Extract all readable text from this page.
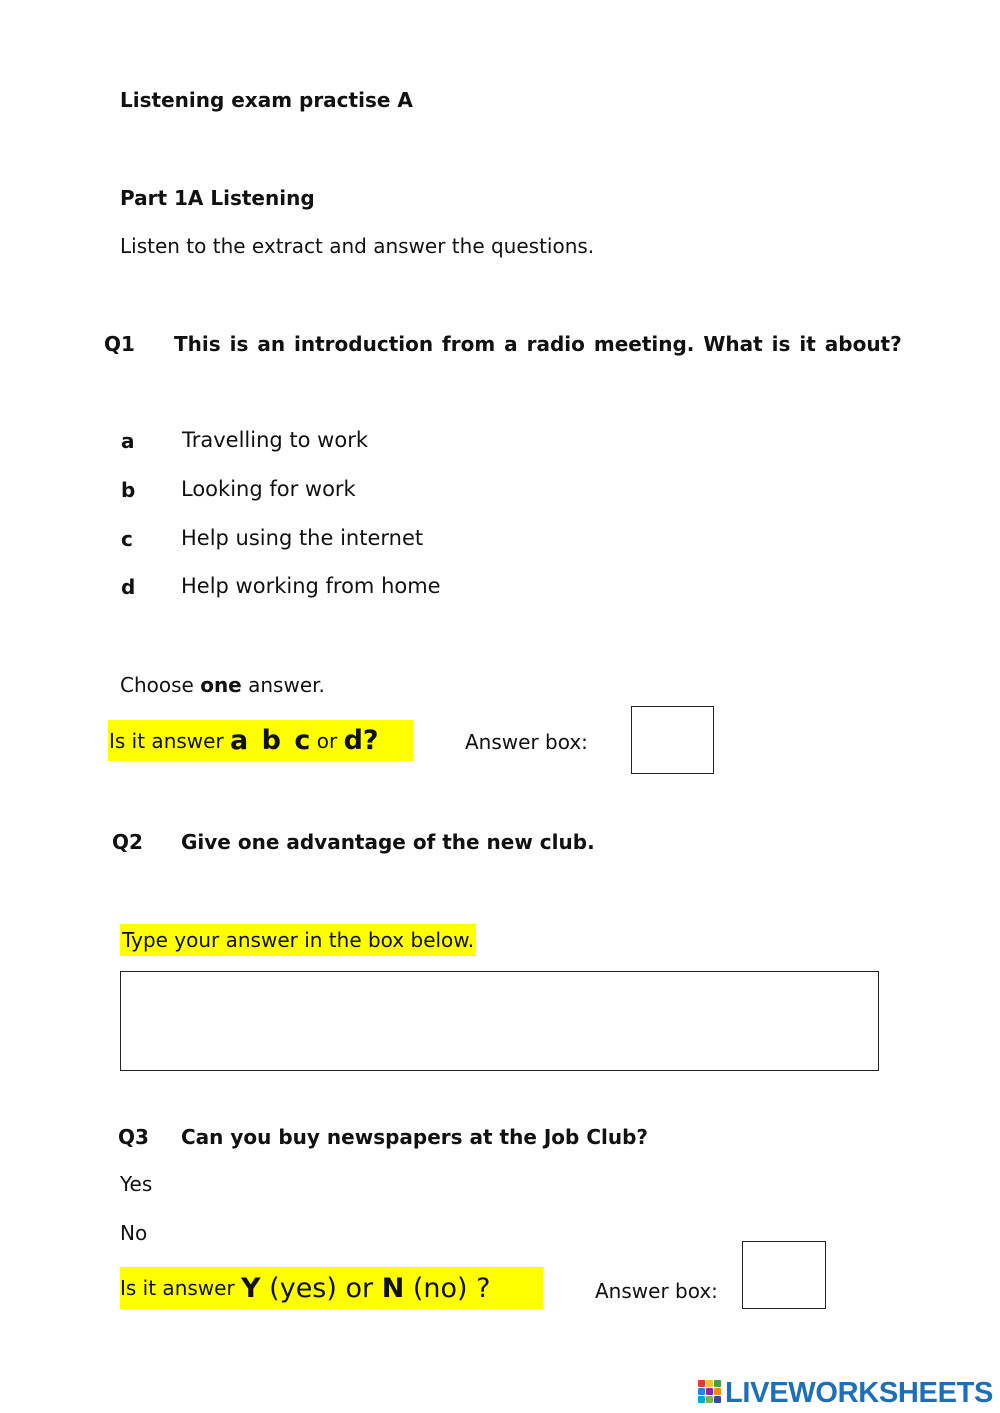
Listening exam practise A
Part 1A Listening
Listen to the extract and answer the questions.
Q1 This is an introduction from a radio meeting. What is it about?
a Travelling to work
b Looking for work
c Help using the internet
d Help working from home
Choose one answer.
Is it answer a b c or d?	Answer box:
Q2 Give one advantage of the new club.
Type your answer in the box below.
Q3 Can you buy newspapers at the Job Club?
Yes
No
Is it answer Y (yes) or N (no) ?	Answer box:
LIVEWORKSHEETS
